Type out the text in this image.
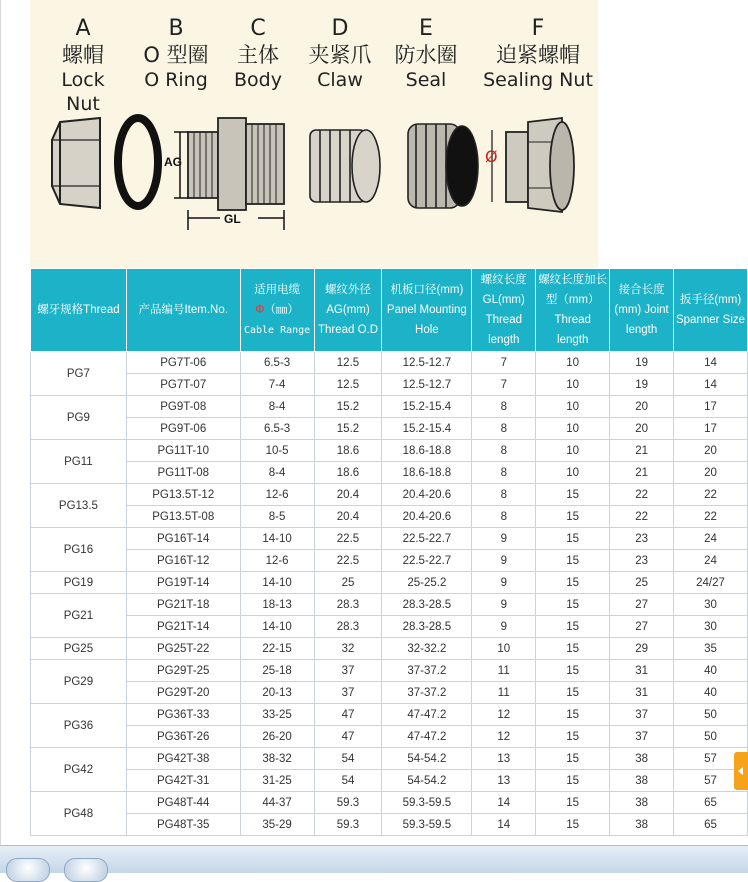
A
螺帽
Lock Nut
B
O 型圈
O Ring
C
主体
Body
D
夹紧爪
Claw
E
防水圈
Seal
F
迫紧螺帽
Sealing Nut
AG
GL
Ø
螺牙规格Thread	产品编号Item.No.	适用电缆
Φ（㎜）
Cable Range	螺纹外径
AG(mm)
Thread O.D	机板口径(mm)
Panel Mounting
Hole	螺纹长度
GL(mm)
Thread
length	螺纹长度加长
型（mm）
Thread
length	接合长度
(mm) Joint
length	扳手径(mm)
Spanner Size
PG7	PG7T-06	6.5-3	12.5	12.5-12.7	7	10	19	14
	PG7T-07	7-4	12.5	12.5-12.7	7	10	19	14
PG9	PG9T-08	8-4	15.2	15.2-15.4	8	10	20	17
	PG9T-06	6.5-3	15.2	15.2-15.4	8	10	20	17
PG11	PG11T-10	10-5	18.6	18.6-18.8	8	10	21	20
	PG11T-08	8-4	18.6	18.6-18.8	8	10	21	20
PG13.5	PG13.5T-12	12-6	20.4	20.4-20.6	8	15	22	22
	PG13.5T-08	8-5	20.4	20.4-20.6	8	15	22	22
PG16	PG16T-14	14-10	22.5	22.5-22.7	9	15	23	24
	PG16T-12	12-6	22.5	22.5-22.7	9	15	23	24
PG19	PG19T-14	14-10	25	25-25.2	9	15	25	24/27
PG21	PG21T-18	18-13	28.3	28.3-28.5	9	15	27	30
	PG21T-14	14-10	28.3	28.3-28.5	9	15	27	30
PG25	PG25T-22	22-15	32	32-32.2	10	15	29	35
PG29	PG29T-25	25-18	37	37-37.2	11	15	31	40
	PG29T-20	20-13	37	37-37.2	11	15	31	40
PG36	PG36T-33	33-25	47	47-47.2	12	15	37	50
	PG36T-26	26-20	47	47-47.2	12	15	37	50
PG42	PG42T-38	38-32	54	54-54.2	13	15	38	57
	PG42T-31	31-25	54	54-54.2	13	15	38	57
PG48	PG48T-44	44-37	59.3	59.3-59.5	14	15	38	65
	PG48T-35	35-29	59.3	59.3-59.5	14	15	38	65
